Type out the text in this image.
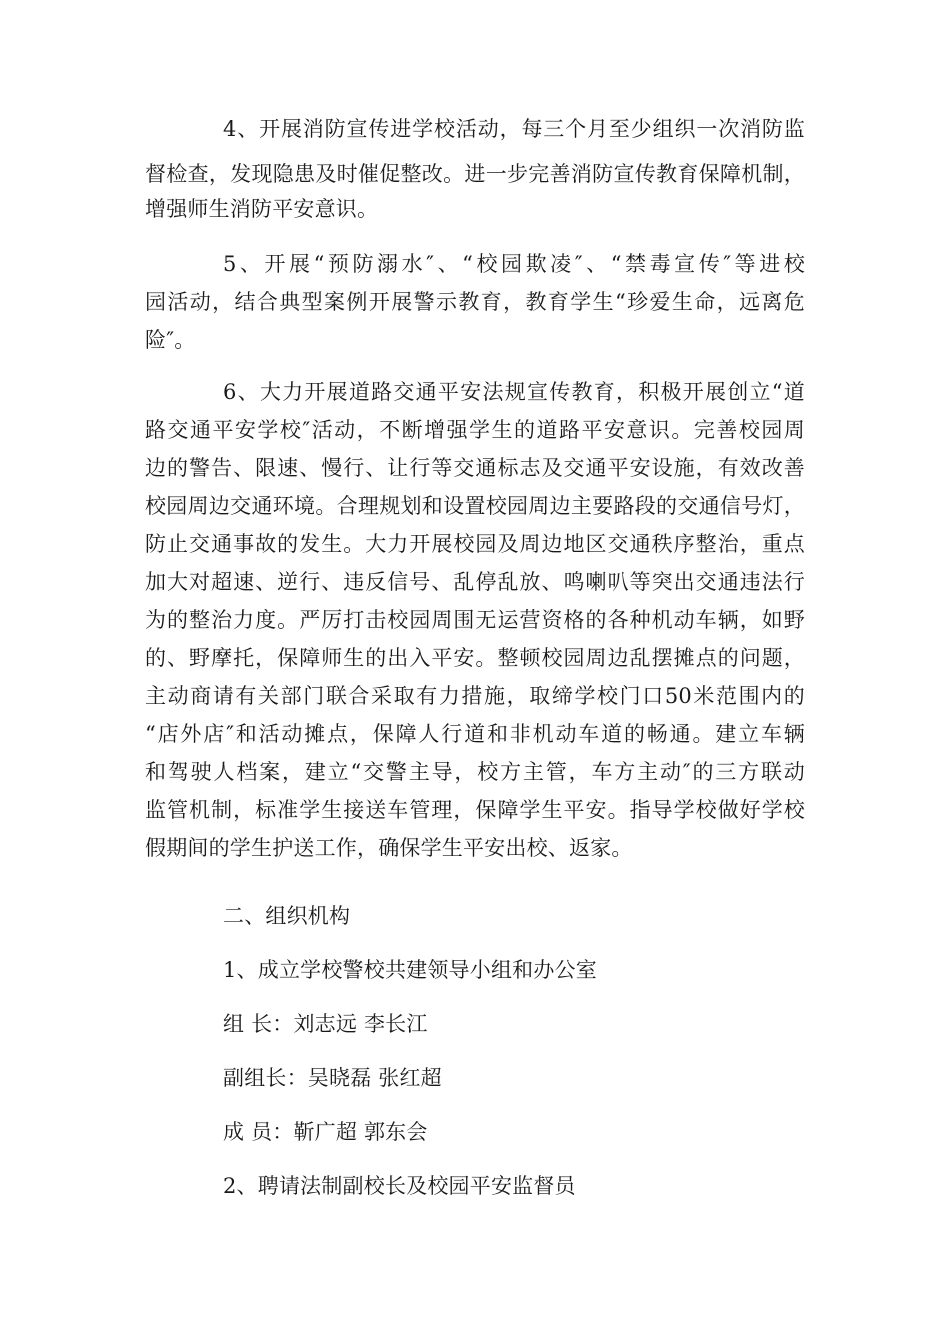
4、开展消防宣传进学校活动，每三个月至少组织一次消防监
督检查，发现隐患及时催促整改。进一步完善消防宣传教育保障机制，
增强师生消防平安意识。
5、开展“预防溺水″、“校园欺凌″、“禁毒宣传″等进校
园活动，结合典型案例开展警示教育，教育学生“珍爱生命，远离危
险″。
6、大力开展道路交通平安法规宣传教育，积极开展创立“道
路交通平安学校″活动，不断增强学生的道路平安意识。完善校园周
边的警告、限速、慢行、让行等交通标志及交通平安设施，有效改善
校园周边交通环境。合理规划和设置校园周边主要路段的交通信号灯，
防止交通事故的发生。大力开展校园及周边地区交通秩序整治，重点
加大对超速、逆行、违反信号、乱停乱放、鸣喇叭等突出交通违法行
为的整治力度。严厉打击校园周围无运营资格的各种机动车辆，如野
的、野摩托，保障师生的出入平安。整顿校园周边乱摆摊点的问题，
主动商请有关部门联合采取有力措施，取缔学校门口50米范围内的
“店外店″和活动摊点，保障人行道和非机动车道的畅通。建立车辆
和驾驶人档案，建立“交警主导，校方主管，车方主动″的三方联动
监管机制，标准学生接送车管理，保障学生平安。指导学校做好学校
假期间的学生护送工作，确保学生平安出校、返家。
二、组织机构
1、成立学校警校共建领导小组和办公室
组 长：刘志远 李长江
副组长：吴晓磊 张红超
成 员：靳广超 郭东会
2、聘请法制副校长及校园平安监督员
